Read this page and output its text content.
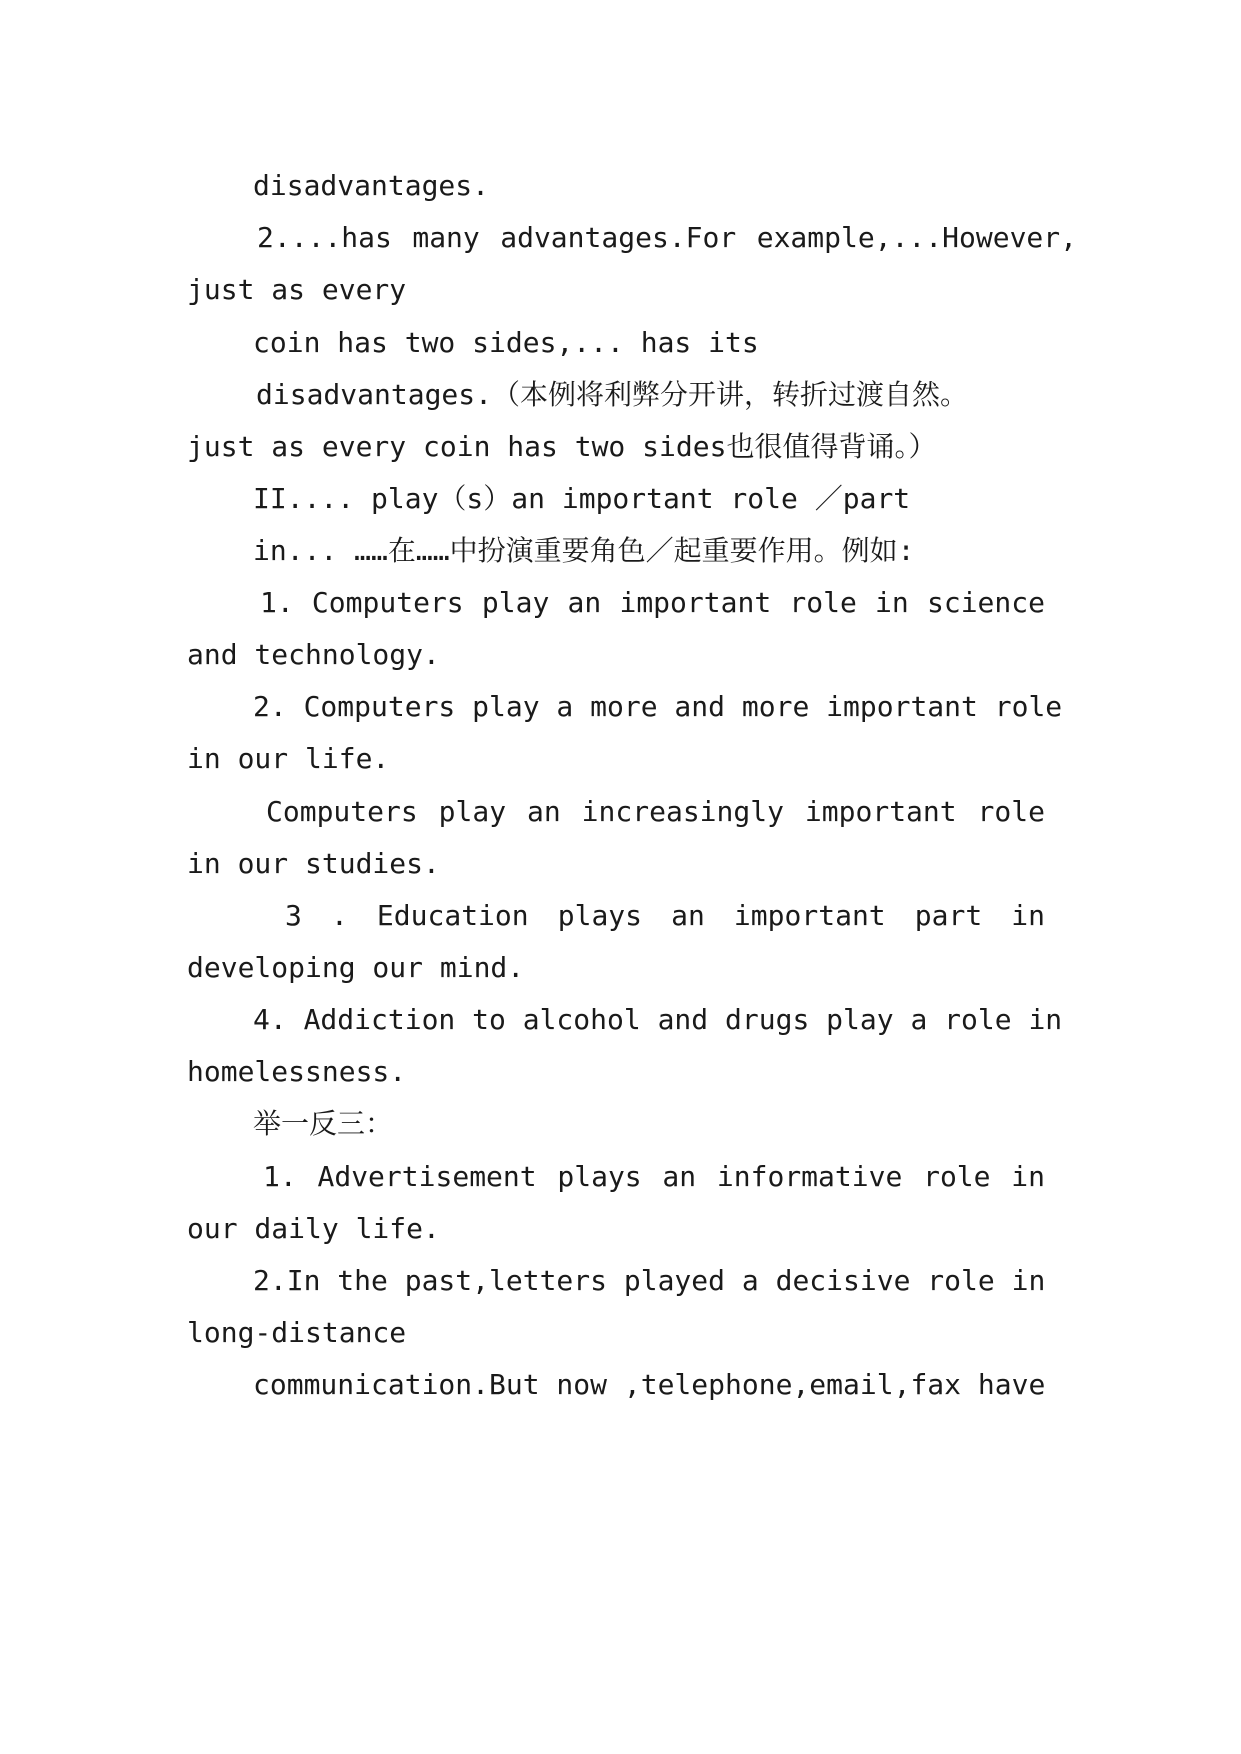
disadvantages.
2....has many advantages.For example,...However,
just as every
coin has two sides,... has its
disadvantages.（本例将利弊分开讲，转折过渡自然。
just as every coin has two sides也很值得背诵。）
II.... play（s）an important role ／part
in... ……在……中扮演重要角色／起重要作用。例如:
1. Computers play an important role in science
and technology.
2. Computers play a more and more important role
in our life.
Computers play an increasingly important role
in our studies.
3 . Education plays an important part in
developing our mind.
4. Addiction to alcohol and drugs play a role in
homelessness.
举一反三：
1. Advertisement plays an informative role in
our daily life.
2.In the past,letters played a decisive role in
long-distance
communication.But now ,telephone,email,fax have
